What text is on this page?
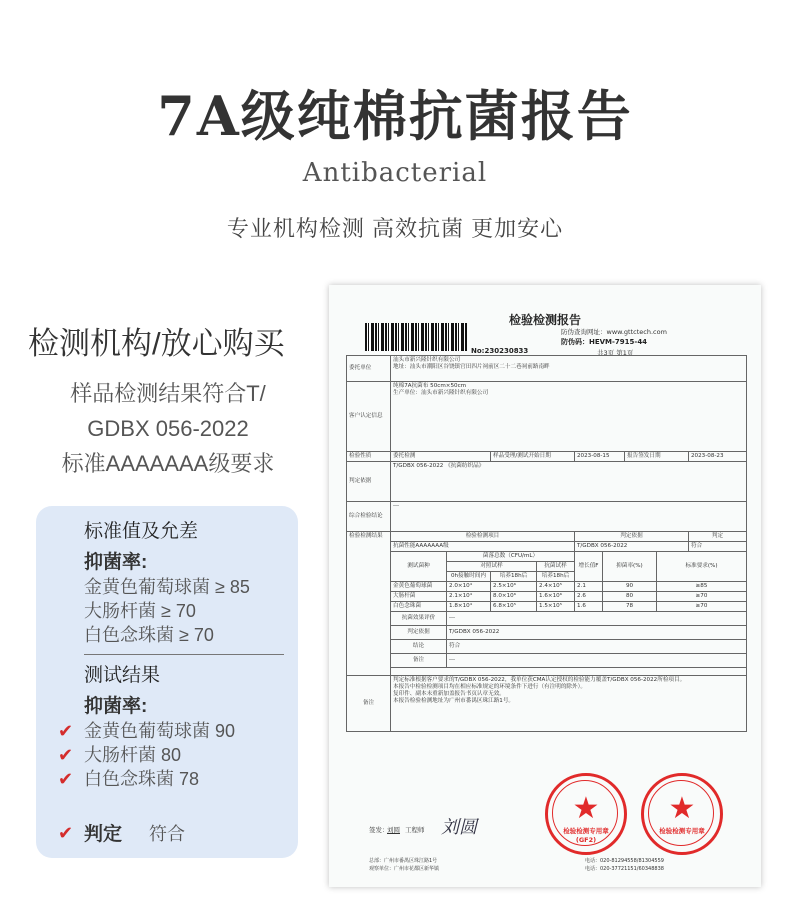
7A级纯棉抗菌报告
Antibacterial
专业机构检测 高效抗菌 更加安心
检测机构/放心购买
样品检测结果符合T/
GDBX 056-2022
标准AAAAAAA级要求
标准值及允差
抑菌率:
金黄色葡萄球菌 ≥ 85
大肠杆菌 ≥ 70
白色念珠菌 ≥ 70
测试结果
抑菌率:
金黄色葡萄球菌 90
大肠杆菌 80
白色念珠菌 78
✔
✔
✔
✔ 判定 符合
检验检测报告
防伪查询网址：www.gttctech.com
防伪码：HEVM-7915-44
共3页 第1页
No:230230833
委托单位	汕头市新兴隆针织有限公司
地址：汕头市潮阳区谷饶镇官田四片祠前区二十二巷祠前路南畔								
客户认定信息	纯棉7A抗菌布 50cm×50cm
生产单位：汕头市新兴隆针织有限公司								

检验性质	委托检测		样品受理/测试开始日期		2023-08-15		报告签发日期		2023-08-23
判定依据	T/GDBX 056-2022 《抗菌纺织品》								
综合检验结论	---								
检验检测结果	检验检测项目				判定依据				判定
	抗菌性能AAAAAAA级				T/GDBX 056-2022				符合
	测试菌种	菌落总数（CFU/mL）			增长值F	抑菌率(%)		标准要求(%)	
		对照试样		抗菌试样					
		0h接触时间内	培养18h后	培养18h后					
	金黄色葡萄球菌	2.0×10⁴	2.5×10⁶	2.4×10⁵	2.1	90		≥85	
	大肠杆菌	2.1×10⁴	8.0×10⁶	1.6×10⁶	2.6	80		≥70	
	白色念珠菌	1.8×10⁴	6.8×10⁵	1.5×10⁵	1.6	78		≥70	
	抗菌效果评价	---							
	判定依据	T/GDBX 056-2022							
	结论	符合							
	备注	---							

备注	判定标准根据客户要求的T/GDBX 056-2022，我单位获CMA认定授权的检验能力覆盖T/GDBX 056-2022所检项目。
本报告中检验检测项目均在相应标准规定的环境条件下进行（有注明的除外）。
复印件、副本未重新加盖报告书页认章无效。
本报告检验检测地址为广州市番禺区珠江路1号。								
签发：
刘圆 工程师 刘圆
★
检验检测专用章
(GF2)
★
检验检测专用章
总部：广州市番禺区珠江路1号
观察单位：广州市花都区新华镇
电话：020-81294558/81304559
电话：020-37721151/60348838
